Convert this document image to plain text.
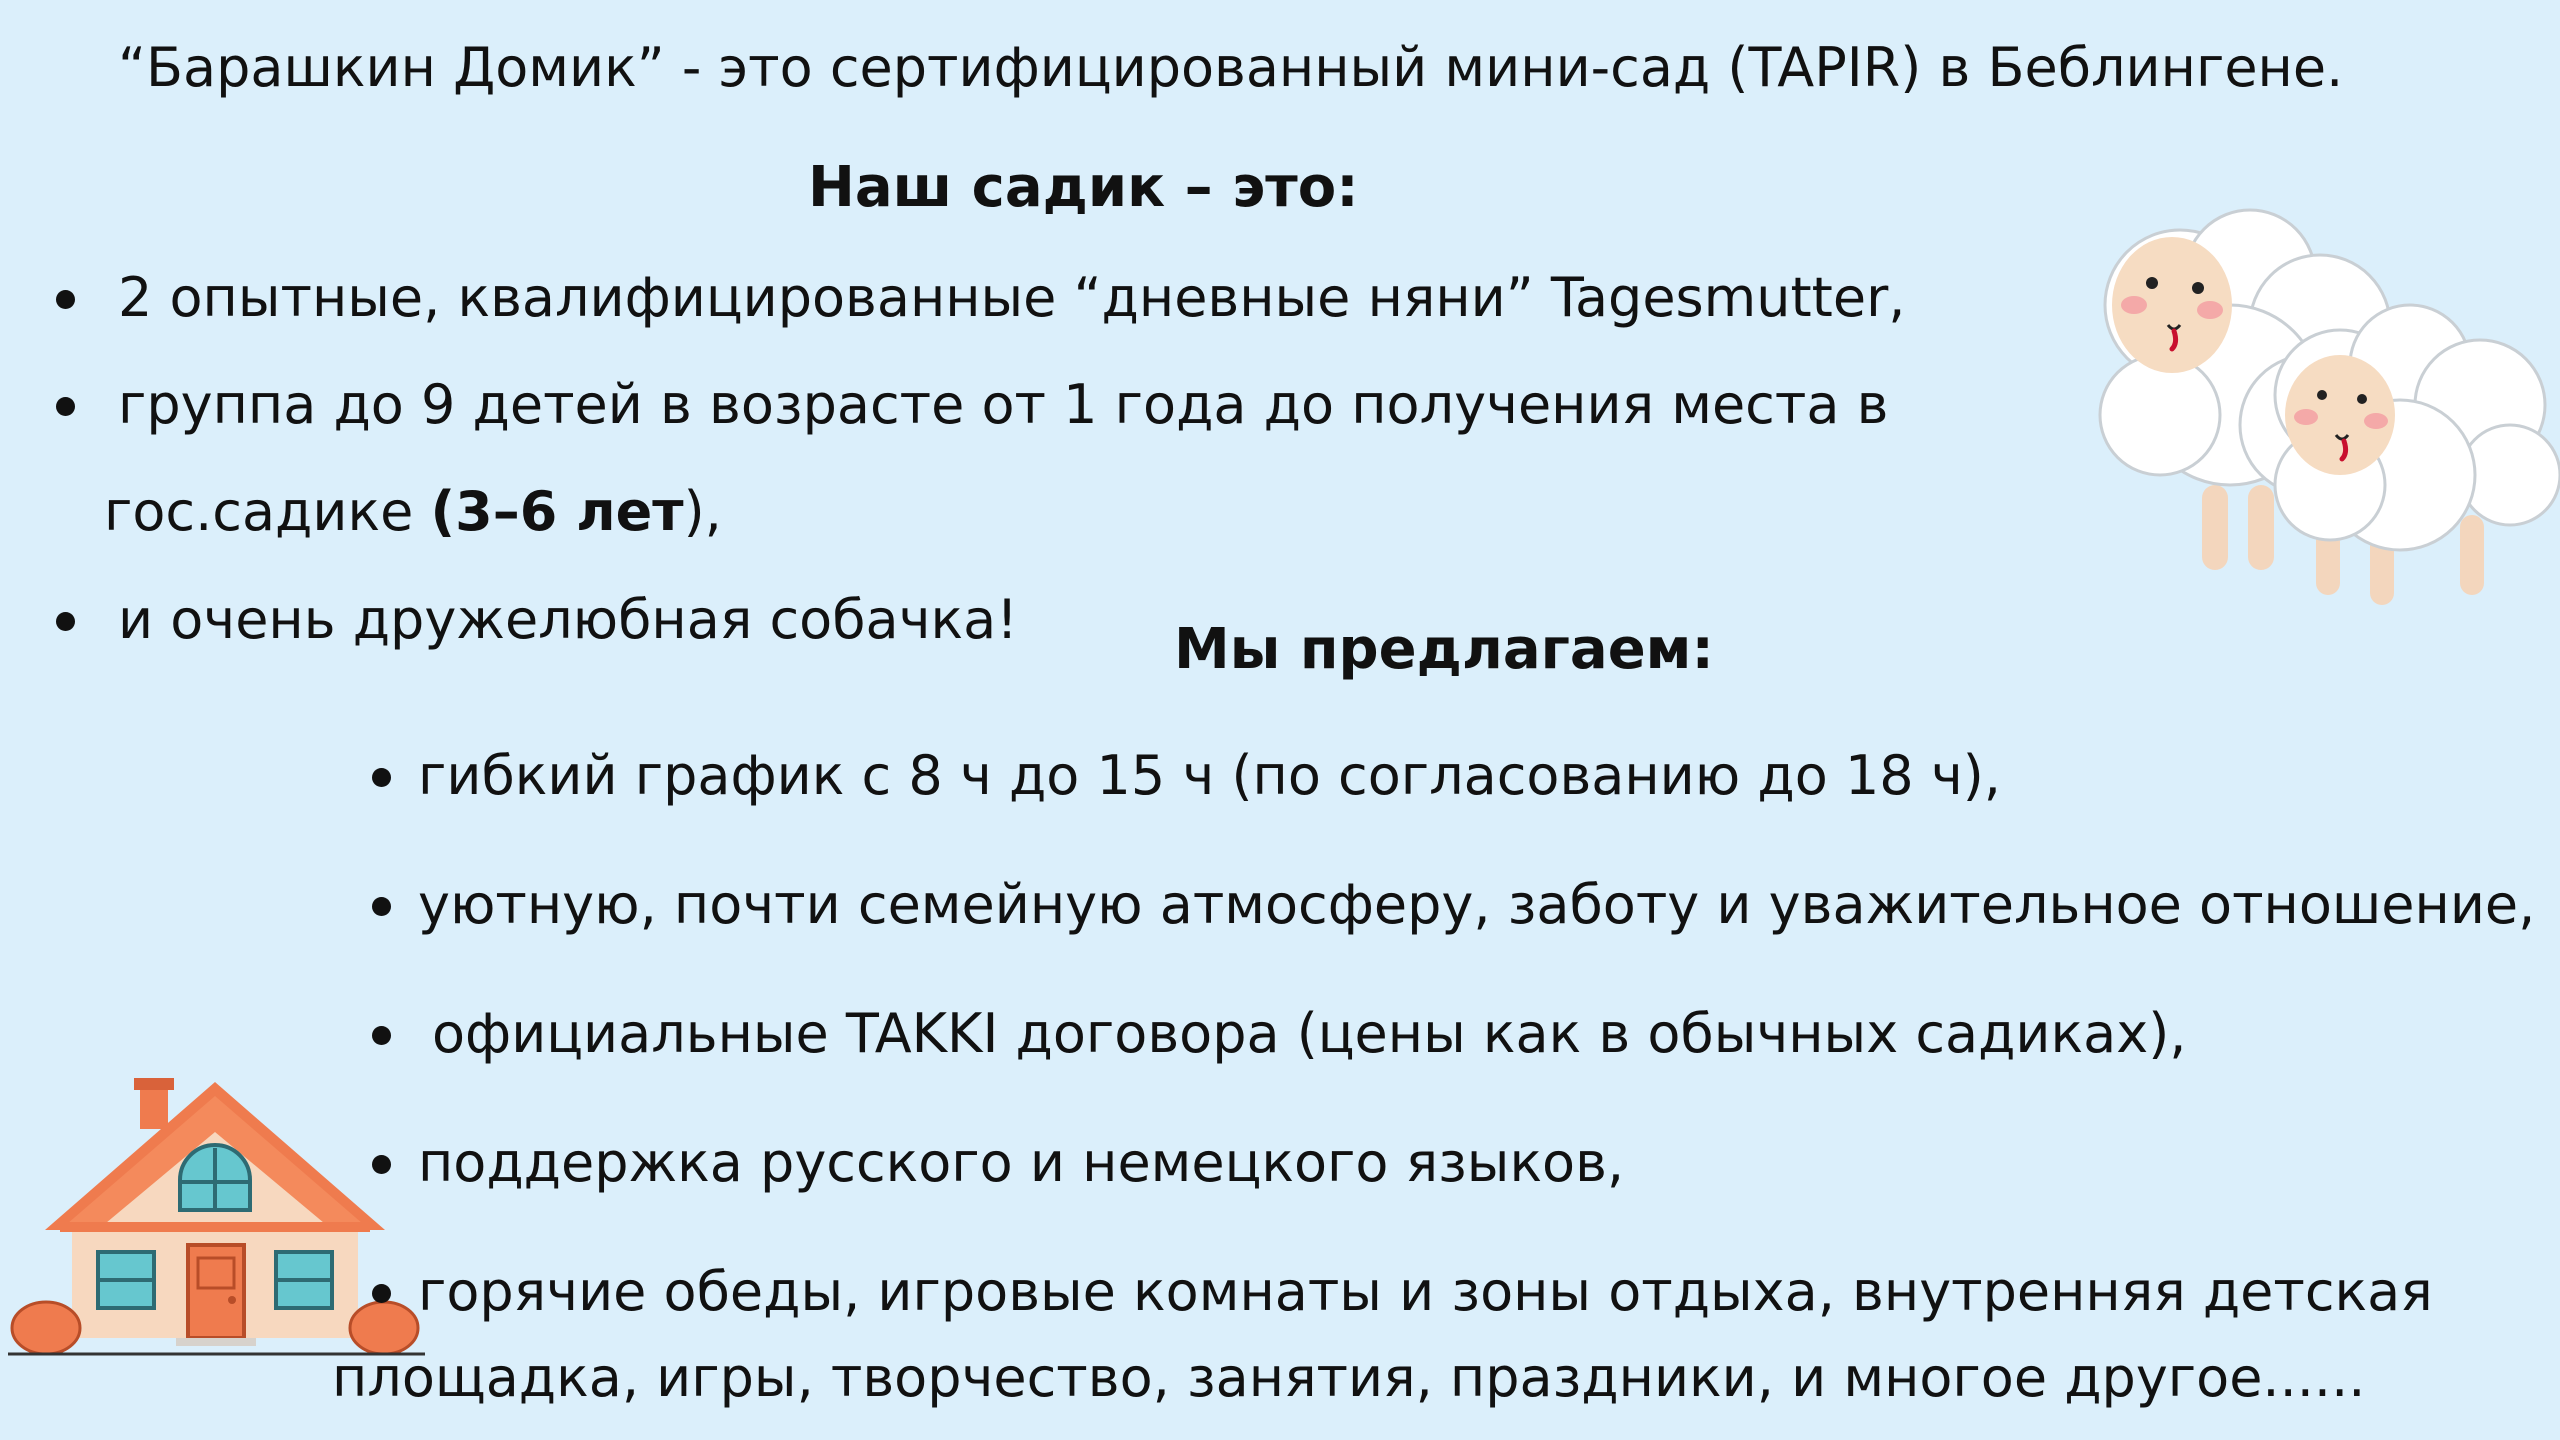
“Барашкин Домик” - это сертифицированный мини-сад (TAPIR) в Беблингене.
Наш садик – это:
2 опытные, квалифицированные “дневные няни” Tagesmutter,
группа до 9 детей в возрасте от 1 года до получения места в
гос.садике (3–6 лет),
и очень дружелюбная собачка!	Мы предлагаем:
гибкий график с 8 ч до 15 ч (по согласованию до 18 ч),
уютную, почти семейную атмосферу, заботу и уважительное отношение,
официальные TAKKI договора (цены как в обычных садиках),
поддержка русского и немецкого языков,
горячие обеды, игровые комнаты и зоны отдыха, внутренняя детская
площадка, игры, творчество, занятия, праздники, и многое другое......
